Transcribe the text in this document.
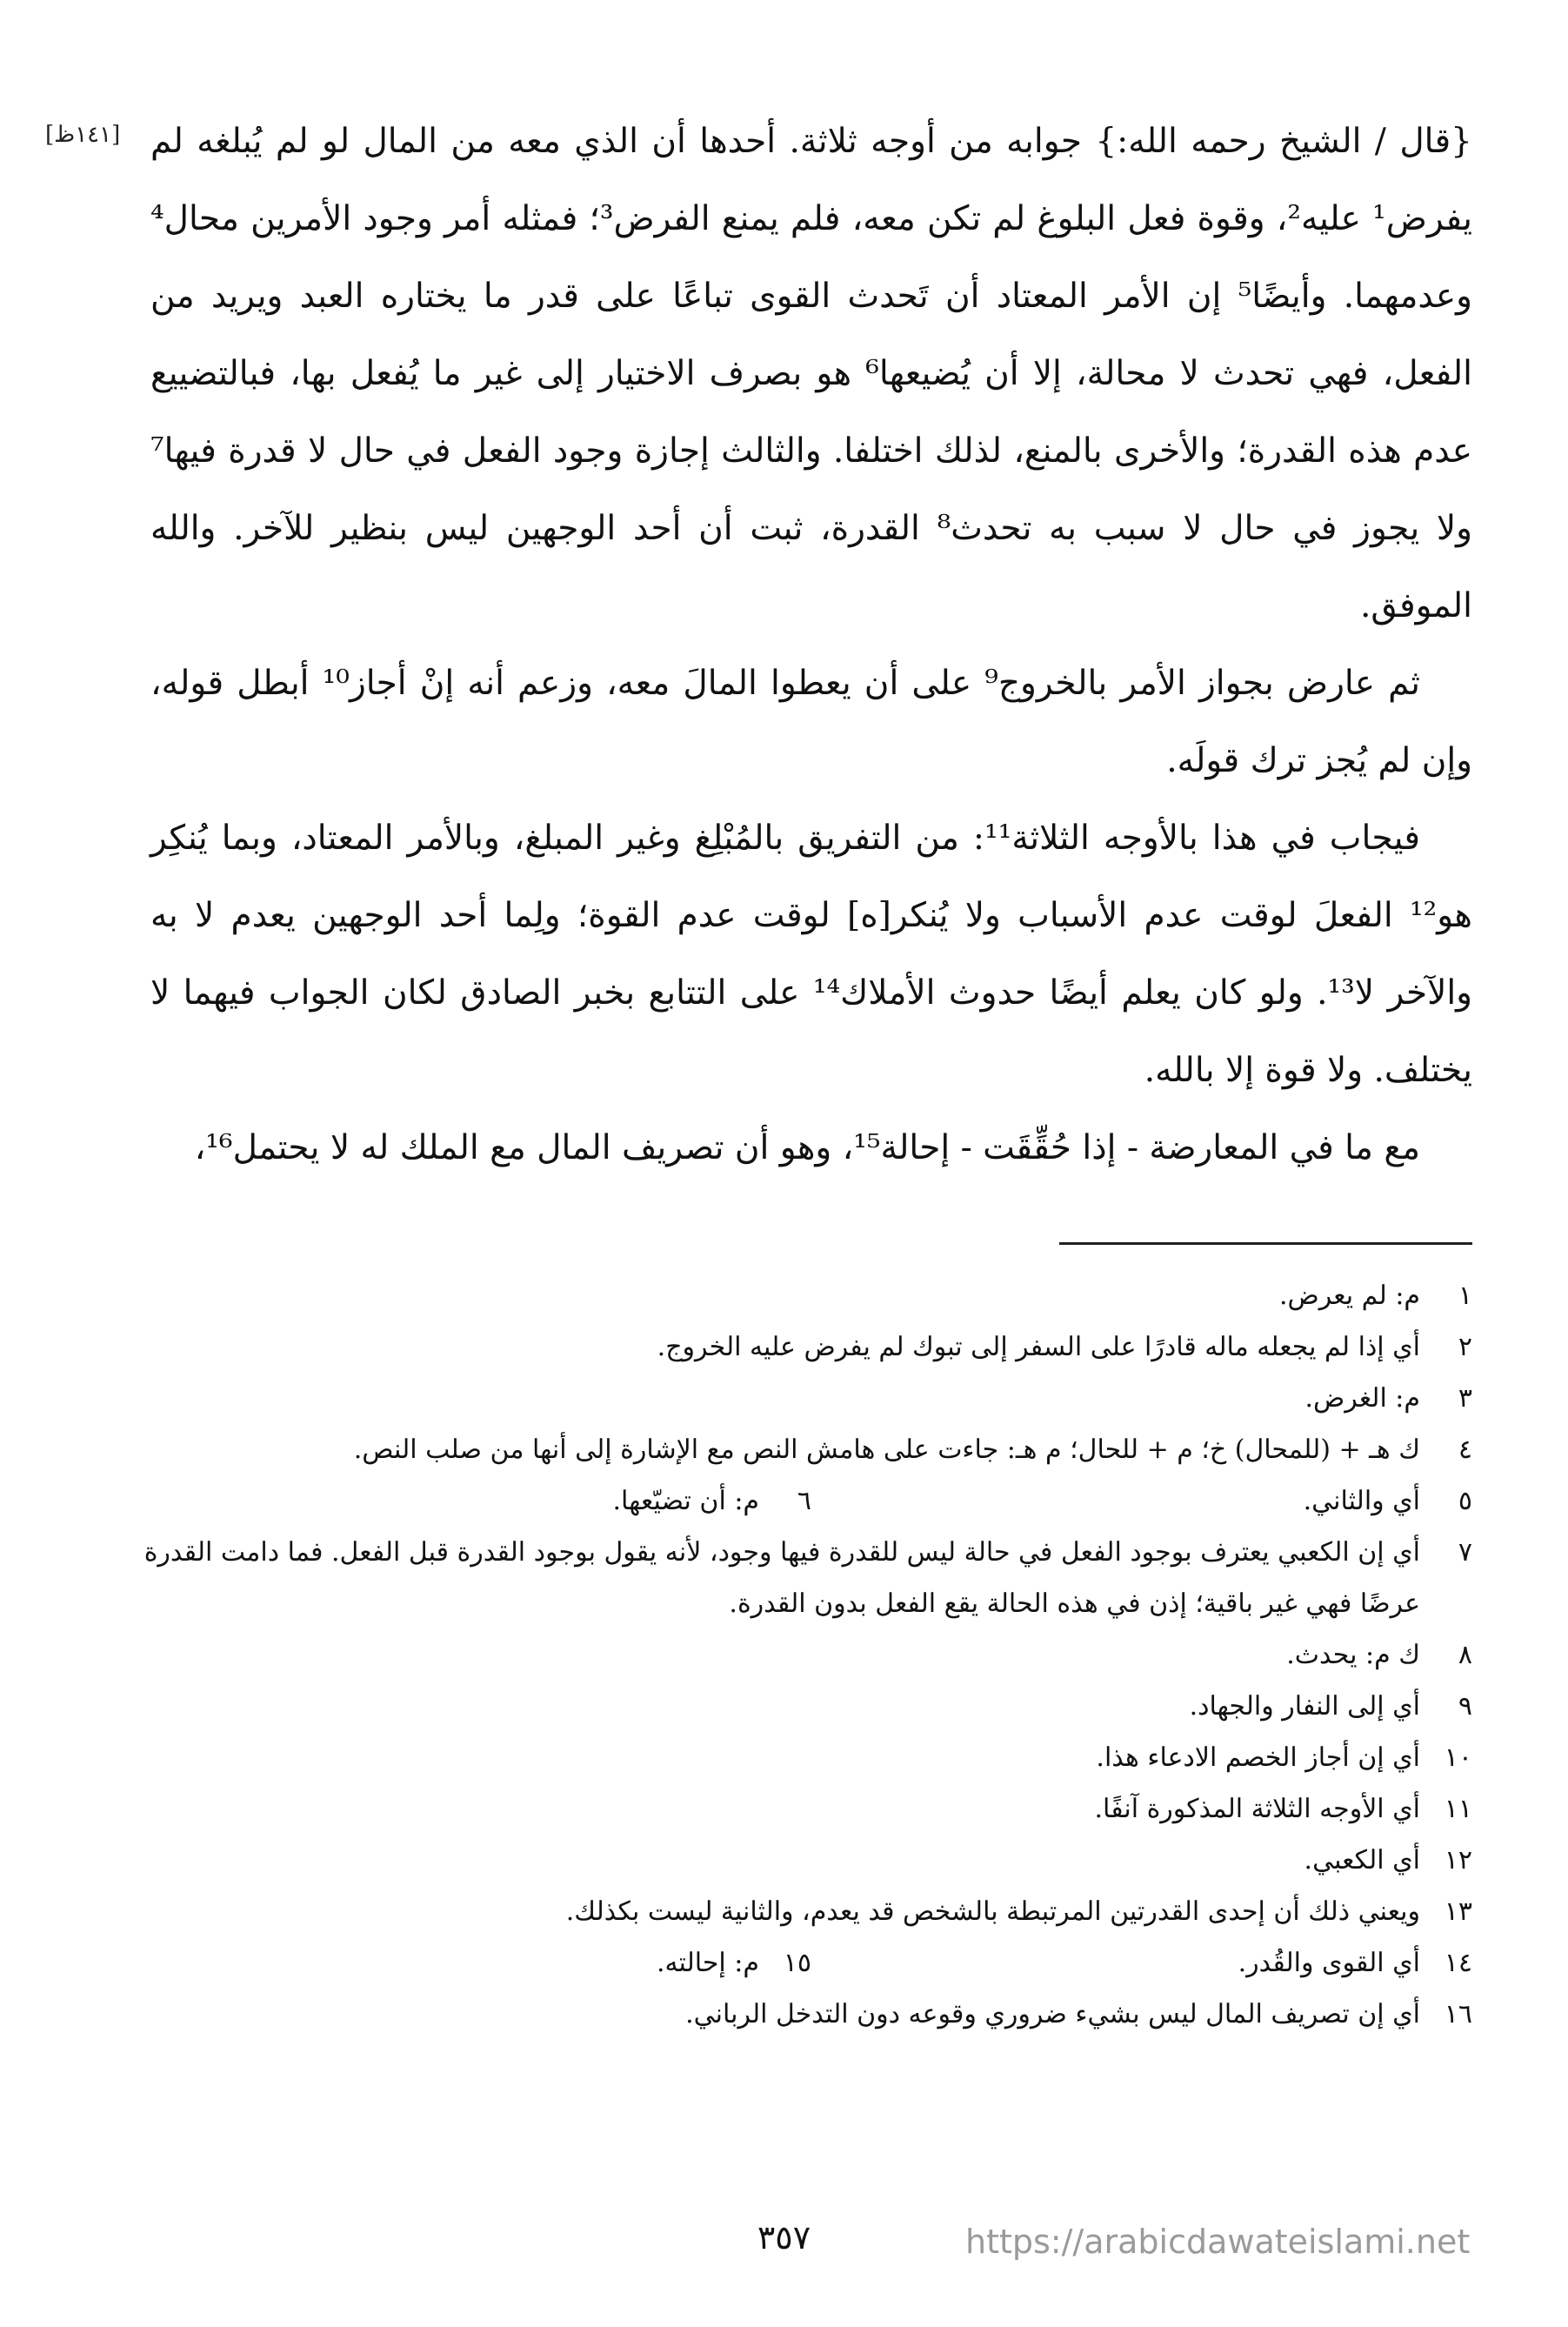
[١٤١ظ] {قال / الشيخ رحمه الله:} جوابه من أوجه ثلاثة. أحدها أن الذي معه من المال لو لم يُبلغه لم يفرض¹ عليه²، وقوة فعل البلوغ لم تكن معه، فلم يمنع الفرض³؛ فمثله أمر وجود الأمرين محال⁴ وعدمهما. وأيضًا⁵ إن الأمر المعتاد أن تَحدث القوى تباعًا على قدر ما يختاره العبد ويريد من الفعل، فهي تحدث لا محالة، إلا أن يُضيعها⁶ هو بصرف الاختيار إلى غير ما يُفعل بها، فبالتضييع عدم هذه القدرة؛ والأخرى بالمنع، لذلك اختلفا. والثالث إجازة وجود الفعل في حال لا قدرة فيها⁷ ولا يجوز في حال لا سبب به تحدث⁸ القدرة، ثبت أن أحد الوجهين ليس بنظير للآخر. والله الموفق.

ثم عارض بجواز الأمر بالخروج⁹ على أن يعطوا المالَ معه، وزعم أنه إنْ أجاز¹⁰ أبطل قوله، وإن لم يُجز ترك قولَه.

فيجاب في هذا بالأوجه الثلاثة¹¹: من التفريق بالمُبْلِغ وغير المبلغ، وبالأمر المعتاد، وبما يُنكِر هو¹² الفعلَ لوقت عدم الأسباب ولا يُنكر[ه] لوقت عدم القوة؛ ولِما أحد الوجهين يعدم لا به والآخر لا¹³. ولو كان يعلم أيضًا حدوث الأملاك¹⁴ على التتابع بخبر الصادق لكان الجواب فيهما لا يختلف. ولا قوة إلا بالله.

مع ما في المعارضة - إذا حُقِّقَت - إحالة¹⁵، وهو أن تصريف المال مع الملك له لا يحتمل¹⁶،

١
م: لم يعرض.
٢
أي إذا لم يجعله ماله قادرًا على السفر إلى تبوك لم يفرض عليه الخروج.
٣
م: الغرض.
٤
ك هـ + (للمحال) خ؛ م + للحال؛ م هـ: جاءت على هامش النص مع الإشارة إلى أنها من صلب النص.
٥
أي والثاني.
٦
م: أن تضيّعها.
٧
أي إن الكعبي يعترف بوجود الفعل في حالة ليس للقدرة فيها وجود، لأنه يقول بوجود القدرة قبل الفعل. فما دامت القدرة عرضًا فهي غير باقية؛ إذن في هذه الحالة يقع الفعل بدون القدرة.
٨
ك م: يحدث.
٩
أي إلى النفار والجهاد.
١٠
أي إن أجاز الخصم الادعاء هذا.
١١
أي الأوجه الثلاثة المذكورة آنفًا.
١٢
أي الكعبي.
١٣
ويعني ذلك أن إحدى القدرتين المرتبطة بالشخص قد يعدم، والثانية ليست بكذلك.
١٤
أي القوى والقُدر.
١٥
م: إحالته.
١٦
أي إن تصريف المال ليس بشيء ضروري وقوعه دون التدخل الرباني.
٣٥٧	https://arabicdawateislami.net
